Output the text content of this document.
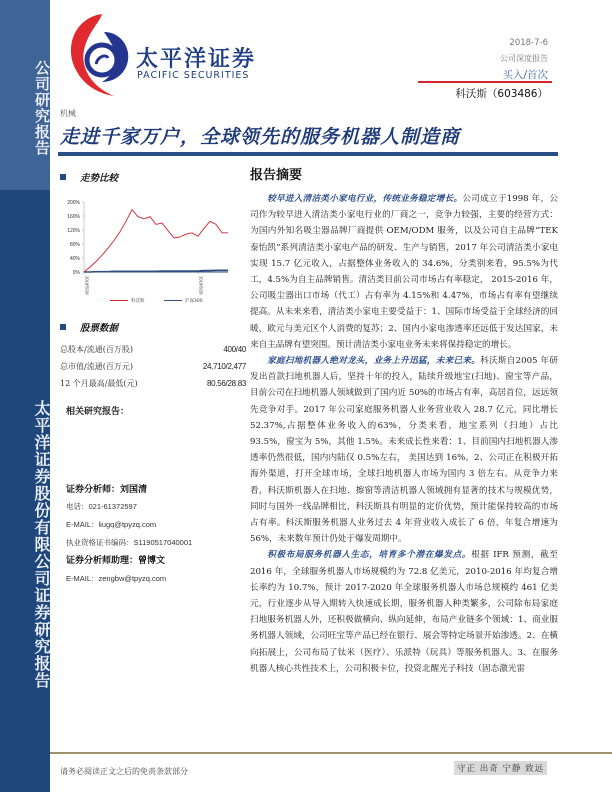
公司研究报告
太平洋证券股份有限公司证券研究报告
太平洋证券
PACIFIC SECURITIES
2018-7-6
公司深度报告
买入/首次
科沃斯（603486）
机械
走进千家万户，全球领先的服务机器人制造商
走势比较
0%
40%
80%
120%
160%
200%
2018/5/28	2018/6/28
科沃斯	沪深300
股票数据
总股本/流通(百万股)	400/40
总市值/流通(百万元)	24,710/2,477
12 个月最高/最低(元)	80.56/28.83
相关研究报告：
证券分析师：刘国清
电话：021-61372597
E-MAIL：liugq@tpyzq.com
执业资格证书编码：S1190517040001
证券分析师助理：曾博文
E-MAIL：zengbw@tpyzq.com
报告摘要

较早进入清洁类小家电行业，传统业务稳定增长。公司成立于1998 年，公司作为较早进入清洁类小家电行业的厂商之一，竞争力较强，主要的经营方式：为国内外知名吸尘器品牌厂商提供 OEM/ODM 服务，以及公司自主品牌“TEK 泰怡凯”系列清洁类小家电产品的研发、生产与销售，2017 年公司清洁类小家电实现 15.7 亿元收入，占据整体业务收入的 34.6%，分类别来看，95.5%为代工，4.5%为自主品牌销售。清洁类目前公司市场占有率稳定， 2015-2016 年，公司吸尘器出口市场（代工）占有率为 4.15%和 4.47%，市场占有率有望继续提高。从未来来看，清洁类小家电主要受益于：1、国际市场受益于全球经济的回暖，欧元与美元区个人消费的复苏；2、国内小家电渗透率还远低于发达国家，未来自主品牌有望突围。预计清洁类小家电业务未来将保持稳定的增长。

家庭扫地机器人绝对龙头，业务上升迅猛，未来已来。科沃斯自2005 年研发出首款扫地机器人后，坚持十年的投入，陆续升级地宝(扫地)、窗宝等产品， 目前公司在扫地机器人领域做到了国内近 50%的市场占有率，高居首位，远远领先竞争对手。2017 年公司家庭服务机器人业务营业收入 28.7 亿元，同比增长 52.37%,占据整体业务收入的63%，分类来看，地宝系列（扫地）占比 93.5%，窗宝为 5%，其他 1.5%。未来成长性来看：1、目前国内扫地机器人渗透率仍然很低，国内内陆仅 0.5%左右， 美国达到 16%。2、公司正在积极开拓海外渠道，打开全球市场，全球扫地机器人市场为国内 3 倍左右。从竞争力来看，科沃斯机器人在扫地、擦窗等清洁机器人领域拥有显著的技术与规模优势，同时与国外一线品牌相比，科沃斯具有明显的定价优势，预计能保持较高的市场占有率。科沃斯服务机器人业务过去 4 年营业收入成长了 6 倍，年复合增速为 56%，未来数年预计仍处于爆发周期中。

积极布局服务机器人生态，培育多个潜在爆发点。根据 IFR 预测，截至 2016 年，全球服务机器人市场规模约为 72.8 亿美元，2010-2016 年均复合增长率约为 10.7%，预计 2017-2020 年全球服务机器人市场总规模约 461 亿美元，行业逐步从导入期转入快速成长期，服务机器人种类繁多，公司除布局家庭扫地服务机器人外，还积极做横向、纵向延伸，布局产业链多个领域：1、商业服务机器人领域，公司旺宝等产品已经在银行、展会等特定场景开始渗透。2、在横向拓展上，公司布局了钛米（医疗）、乐派特（玩具）等服务机器人。3、在服务机器人核心共性技术上，公司积极卡位，投资北醒光子科技（固态激光雷

请务必阅读正文之后的免责条款部分	守正 出奇 宁静 致远
